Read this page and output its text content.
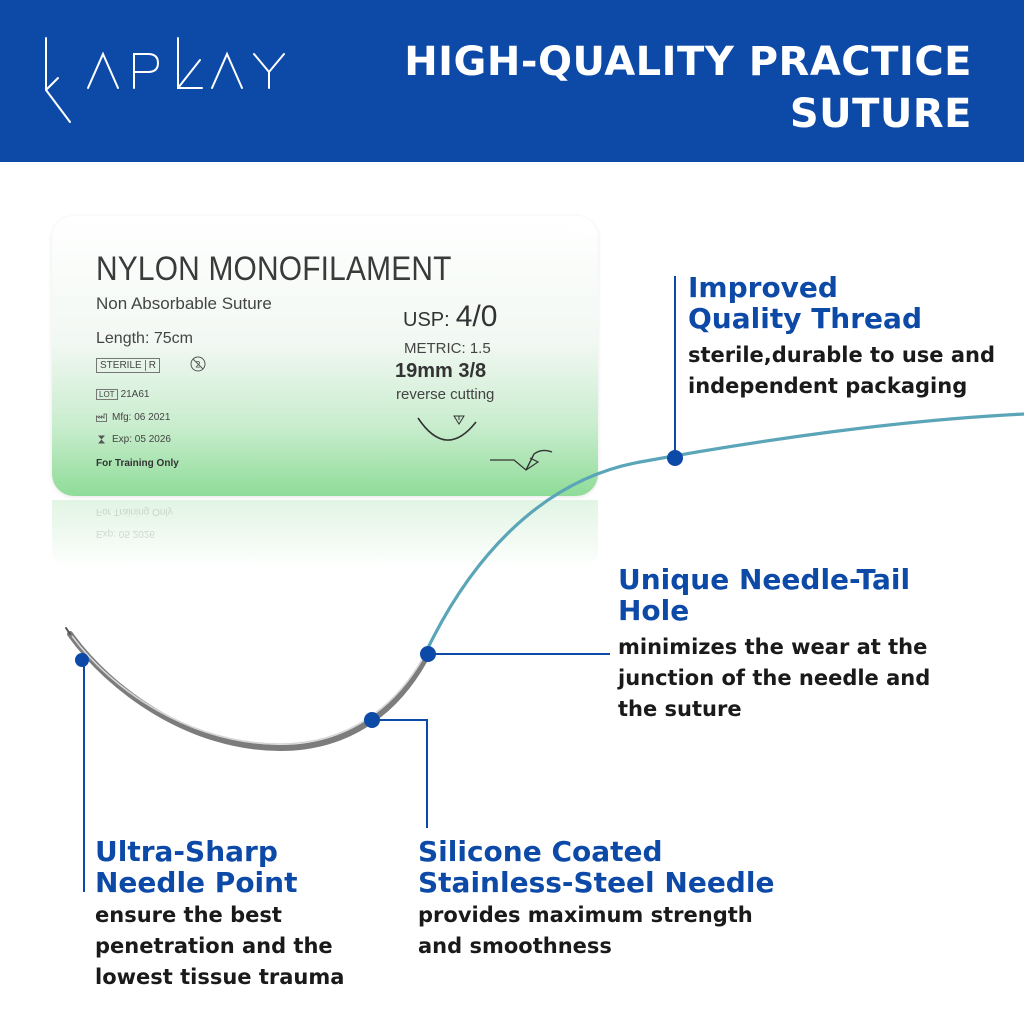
HIGH-QUALITY PRACTICE
SUTURE
NYLON MONOFILAMENT
Non Absorbable Suture
Length: 75cm
STERILE R	2
LOT 21A61
Mfg: 06 2021
Exp: 05 2026
For Training Only
USP: 4/0
METRIC: 1.5
19mm 3/8
reverse cutting
For Training Only
Exp: 05 2026
Improved
Quality Thread
sterile,durable to use and
independent packaging
Unique Needle-Tail
Hole
minimizes the wear at the
junction of the needle and
the suture
Ultra-Sharp
Needle Point
ensure the best
penetration and the
lowest tissue trauma
Silicone Coated
Stainless-Steel Needle
provides maximum strength
and smoothness
